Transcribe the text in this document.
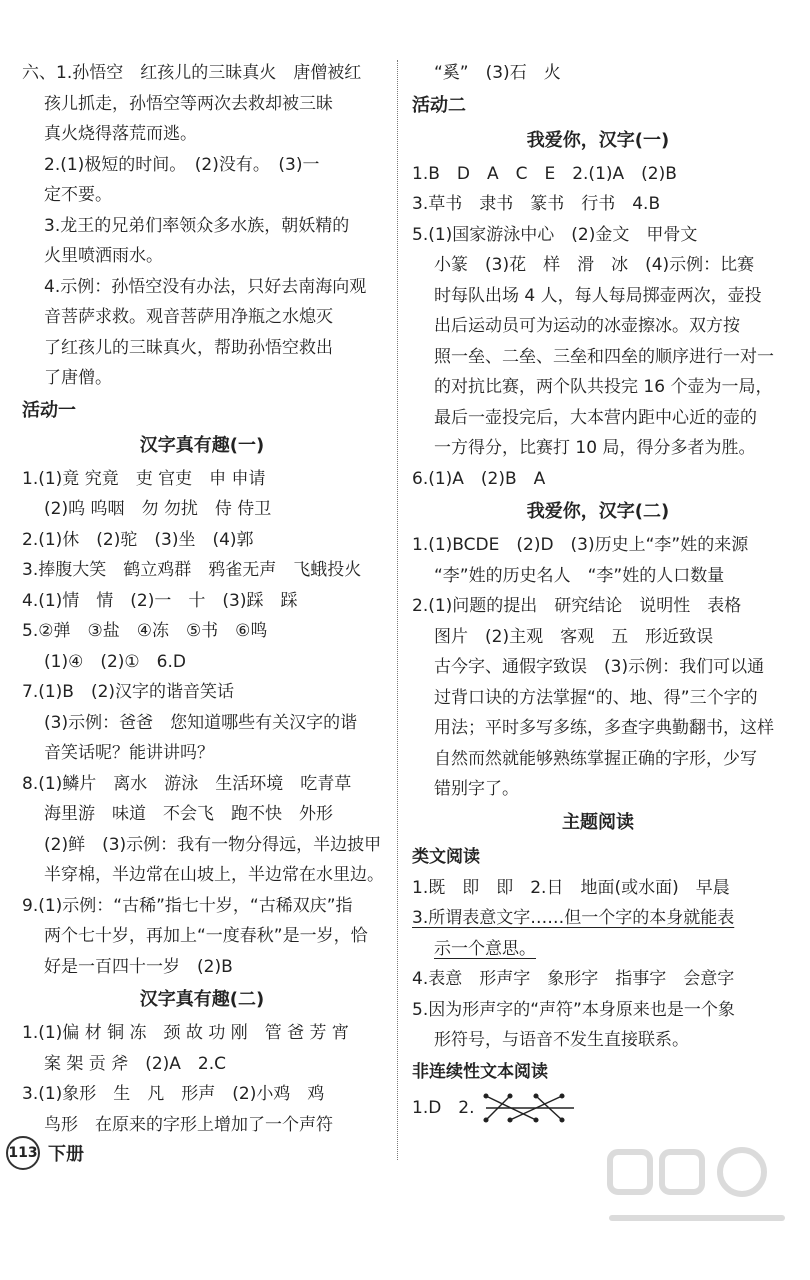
六、1.孙悟空　红孩儿的三昧真火　唐僧被红
孩儿抓走，孙悟空等两次去救却被三昧
真火烧得落荒而逃。
2.(1)极短的时间。　(2)没有。　(3)一
定不要。
3.龙王的兄弟们率领众多水族，朝妖精的
火里喷洒雨水。
4.示例：孙悟空没有办法，只好去南海向观
音菩萨求救。观音菩萨用净瓶之水熄灭
了红孩儿的三昧真火，帮助孙悟空救出
了唐僧。
活动一
汉字真有趣(一)
1.(1)竟 究竟　吏 官吏　申 申请
(2)呜 呜咽　勿 勿扰　侍 侍卫
2.(1)休　(2)驼　(3)坐　(4)郭
3.捧腹大笑　鹤立鸡群　鸦雀无声　飞蛾投火
4.(1)情　情　(2)一　十　(3)踩　踩
5.②弹　③盐　④冻　⑤书　⑥鸣
(1)④　(2)①　6.D
7.(1)B　(2)汉字的谐音笑话
(3)示例：爸爸　您知道哪些有关汉字的谐
音笑话呢？能讲讲吗？
8.(1)鳞片　离水　游泳　生活环境　吃青草
海里游　味道　不会飞　跑不快　外形
(2)鲜　(3)示例：我有一物分得远，半边披甲
半穿棉，半边常在山坡上，半边常在水里边。
9.(1)示例：“古稀”指七十岁，“古稀双庆”指
两个七十岁，再加上“一度春秋”是一岁，恰
好是一百四十一岁　(2)B
汉字真有趣(二)
1.(1)偏 材 铜 冻　颈 故 功 刚　管 爸 芳 宵
案 架 贡 斧　(2)A　2.C
3.(1)象形　生　凡　形声　(2)小鸡　鸡
鸟形　在原来的字形上增加了一个声符
“奚”　(3)石　火
活动二
我爱你，汉字(一)
1.B　D　A　C　E　2.(1)A　(2)B
3.草书　隶书　篆书　行书　4.B
5.(1)国家游泳中心　(2)金文　甲骨文
小篆　(3)花　样　滑　冰　(4)示例：比赛
时每队出场 4 人，每人每局掷壶两次，壶投
出后运动员可为运动的冰壶擦冰。双方按
照一垒、二垒、三垒和四垒的顺序进行一对一
的对抗比赛，两个队共投完 16 个壶为一局，
最后一壶投完后，大本营内距中心近的壶的
一方得分，比赛打 10 局，得分多者为胜。
6.(1)A　(2)B　A
我爱你，汉字(二)
1.(1)BCDE　(2)D　(3)历史上“李”姓的来源
“李”姓的历史名人　“李”姓的人口数量
2.(1)问题的提出　研究结论　说明性　表格
图片　(2)主观　客观　五　形近致误
古今字、通假字致误　(3)示例：我们可以通
过背口诀的方法掌握“的、地、得”三个字的
用法；平时多写多练，多查字典勤翻书，这样
自然而然就能够熟练掌握正确的字形，少写
错别字了。
主题阅读
类文阅读
1.既　即　即　2.日　地面(或水面)　早晨
3.所谓表意文字……但一个字的本身就能表
示一个意思。
4.表意　形声字　象形字　指事字　会意字
5.因为形声字的“声符”本身原来也是一个象
形符号，与语音不发生直接联系。
非连续性文本阅读
1.D　2.
113 下册
